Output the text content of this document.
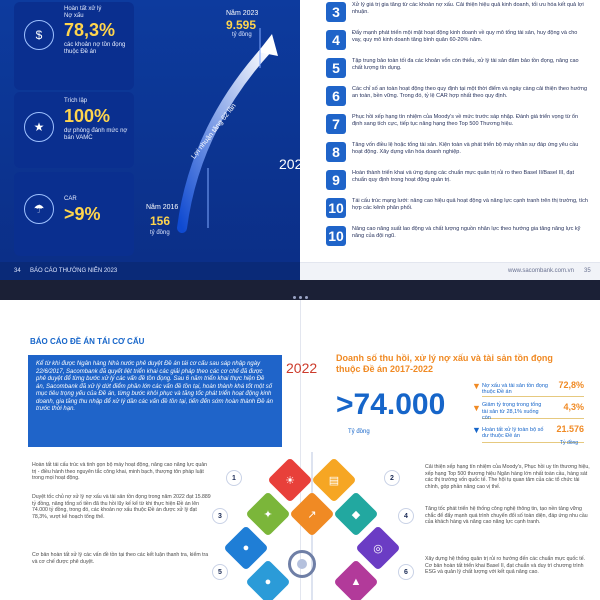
$
Hoàn tất xử lý
Nợ xấu
78,3%
các khoản nợ tồn đọng thuộc Đề án
★
Trích lập
100%
dự phòng đánh mức nợ bán VAMC
☂
CAR
>9%
Năm 2023
9.595
tỷ đồng
Năm 2016
156
tỷ đồng
Lợi nhuận tăng 62 lần
34 BÁO CÁO THƯỜNG NIÊN 2023	www.sacombank.com.vn 35
3	Xử lý giá trị gia tăng từ các khoản nợ xấu. Cải thiện hiệu quả kinh doanh, tối ưu hóa kết quả lợi nhuận.
4	Đẩy mạnh phát triển mội mặt hoạt động kinh doanh về quy mô tổng tài sản, huy động và cho vay, quy mô kinh doanh tăng bình quân 60-20% năm.
5	Tập trung bảo toàn tối đa các khoản vốn còn thiếu, xử lý tài sản đảm bảo tồn đọng, nâng cao chất lượng tín dụng.
6	Các chỉ số an toàn hoạt động theo quy định tại một thời điểm và ngày càng cải thiện theo hướng an toàn, bền vững. Trong đó, tỷ lệ CAR hợp nhất theo quy định.
7	Phục hồi xếp hạng tín nhiệm của Moody's về mức trước sáp nhập. Đánh giá triển vọng từ ổn định sang tích cực, tiếp tục nâng hạng theo Top 500 Thương hiệu.
8	Tăng vốn điều lệ hoặc tổng tài sản. Kiện toàn và phát triển bộ máy nhân sự đáp ứng yêu cầu hoạt động. Xây dựng văn hóa doanh nghiệp.
9	Hoàn thành triển khai và ứng dụng các chuẩn mực quản trị rủi ro theo Basel II/Basel III, đạt chuẩn quy định trong hoạt động quản trị.
10	Tái cấu trúc mạng lưới: nâng cao hiệu quả hoạt động và năng lực cạnh tranh trên thị trường, tích hợp các kênh phân phối.
10	Nâng cao năng suất lao động và chất lượng nguồn nhân lực theo hướng gia tăng năng lực kỹ năng của đội ngũ.
2023
BÁO CÁO ĐỀ ÁN TÁI CƠ CẤU
Kể từ khi được Ngân hàng Nhà nước phê duyệt Đề án tái cơ cấu sau sáp nhập ngày 22/6/2017, Sacombank đã quyết liệt triển khai các giải pháp theo các cơ chế đã được phê duyệt để từng bước xử lý các vấn đề tồn đọng. Sau 6 năm triển khai thực hiện Đề án, Sacombank đã xử lý dứt điểm phần lớn các vấn đề tồn tại, hoàn thành khá tốt một số mục tiêu trọng yếu của Đề án, từng bước khôi phục và tăng tốc phát triển hoạt động kinh doanh, gia tăng thu nhập để xử lý dần các vấn đề tồn tại, tiến đến sớm hoàn thành Đề án trước thời hạn.
Hoàn tất tái cấu trúc và tinh gọn bộ máy hoạt động, nâng cao năng lực quản trị - điều hành theo nguyên tắc công khai, minh bạch, thượng tôn pháp luật trong mọi hoạt động.
Duyệt tốc chủ nợ xử lý nợ xấu và tài sản tồn đọng trong năm 2022 đạt 15.889 tỷ đồng, nâng tổng số tiền đã thu hồi lũy kế kể từ khi thực hiện Đề án lên 74.000 tỷ đồng, trong đó, các khoản nợ xấu thuộc Đề án được xử lý đạt 78,3%, vượt kế hoạch tổng thể.
Cơ bản hoàn tất xử lý các vấn đề tồn tại theo các kết luận thanh tra, kiểm tra và cơ chế được phê duyệt.
2022
Doanh số thu hồi, xử lý nợ xấu và tài sản tồn đọng thuộc Đề án 2017-2022
>74.000
Tỷ đồng
Nợ xấu và tài sản tồn đọng thuộc Đề án
▼	72,8%
Giảm tỷ trọng trong tổng tài sản từ 28,1% xuống còn
▼	4,3%
Hoàn tất xử lý toàn bộ số dư thuộc Đề án
▼	21.576
Tỷ đồng
Cải thiện xếp hạng tín nhiệm của Moody's, Phục hồi uy tín thương hiệu, xếp hạng Top 500 thương hiệu Ngân hàng lớn nhất toàn cầu, hàng sát các thị trường vốn quốc tế. The hội tụ quan tâm của các tổ chức tài chính, góp phần nâng cao vị thế.
Tăng tốc phát triển hệ thống công nghệ thông tin, tạo nền tảng vững chắc để đẩy mạnh quá trình chuyển đổi số toàn diện, đáp ứng nhu cầu của khách hàng và nâng cao năng lực cạnh tranh.
Xây dựng hệ thống quản trị rủi ro hướng đến các chuẩn mực quốc tế. Cơ bản hoàn tất triển khai Basel II, đạt chuẩn và duy trì chương trình ESG và quản lý chất lượng với kết quả nâng cao.
☀	▤
✦	↗	◆
●	◎
●	▲
1	2
3	4
5	6
